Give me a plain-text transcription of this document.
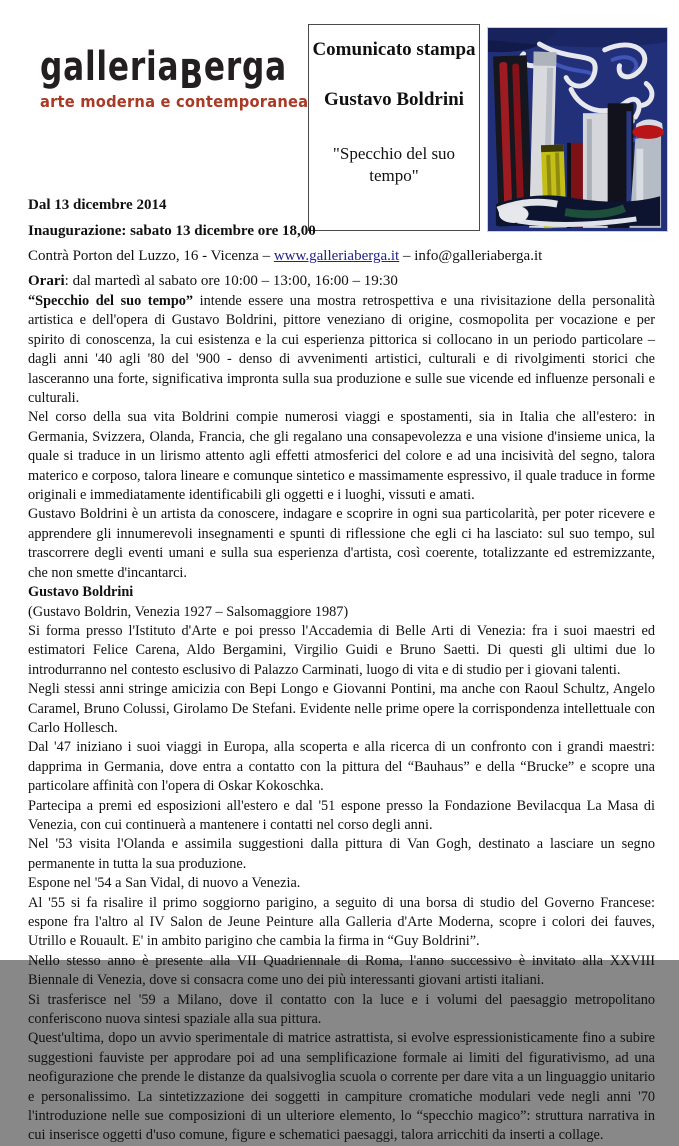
galleriaBerga
arte moderna e contemporanea
Comunicato stampa
Gustavo Boldrini
"Specchio del suo tempo"
Dal 13 dicembre 2014
Inaugurazione: sabato 13 dicembre ore 18,00
Contrà Porton del Luzzo, 16 - Vicenza – www.galleriaberga.it – info@galleriaberga.it
Orari: dal martedì al sabato ore 10:00 – 13:00, 16:00 – 19:30

“Specchio del suo tempo” intende essere una mostra retrospettiva e una rivisitazione della personalità artistica e dell'opera di Gustavo Boldrini, pittore veneziano di origine, cosmopolita per vocazione e per spirito di conoscenza, la cui esistenza e la cui esperienza pittorica si collocano in un periodo particolare – dagli anni '40 agli '80 del '900 - denso di avvenimenti artistici, culturali e di rivolgimenti storici che lasceranno una forte, significativa impronta sulla sua produzione e sulle sue vicende ed influenze personali e culturali.

Nel corso della sua vita Boldrini compie numerosi viaggi e spostamenti, sia in Italia che all'estero: in Germania, Svizzera, Olanda, Francia, che gli regalano una consapevolezza e una visione d'insieme unica, la quale si traduce in un lirismo attento agli effetti atmosferici del colore e ad una incisività del segno, talora materico e corposo, talora lineare e comunque sintetico e massimamente espressivo, il quale traduce in forme originali e immediatamente identificabili gli oggetti e i luoghi, vissuti e amati.

Gustavo Boldrini è un artista da conoscere, indagare e scoprire in ogni sua particolarità, per poter ricevere e apprendere gli innumerevoli insegnamenti e spunti di riflessione che egli ci ha lasciato: sul suo tempo, sul trascorrere degli eventi umani e sulla sua esperienza d'artista, così coerente, totalizzante ed estremizzante, che non smette d'incantarci.

Gustavo Boldrini

(Gustavo Boldrin, Venezia 1927 – Salsomaggiore 1987)

Si forma presso l'Istituto d'Arte e poi presso l'Accademia di Belle Arti di Venezia: fra i suoi maestri ed estimatori Felice Carena, Aldo Bergamini, Virgilio Guidi e Bruno Saetti. Di questi gli ultimi due lo introdurranno nel contesto esclusivo di Palazzo Carminati, luogo di vita e di studio per i giovani talenti.

Negli stessi anni stringe amicizia con Bepi Longo e Giovanni Pontini, ma anche con Raoul Schultz, Angelo Caramel, Bruno Colussi, Girolamo De Stefani. Evidente nelle prime opere la corrispondenza intellettuale con Carlo Hollesch.

Dal '47 iniziano i suoi viaggi in Europa, alla scoperta e alla ricerca di un confronto con i grandi maestri: dapprima in Germania, dove entra a contatto con la pittura del “Bauhaus” e della “Brucke” e scopre una particolare affinità con l'opera di Oskar Kokoschka.

Partecipa a premi ed esposizioni all'estero e dal '51 espone presso la Fondazione Bevilacqua La Masa di Venezia, con cui continuerà a mantenere i contatti nel corso degli anni.

Nel '53 visita l'Olanda e assimila suggestioni dalla pittura di Van Gogh, destinato a lasciare un segno permanente in tutta la sua produzione.

Espone nel '54 a San Vidal, di nuovo a Venezia.

Al '55 si fa risalire il primo soggiorno parigino, a seguito di una borsa di studio del Governo Francese: espone fra l'altro al IV Salon de Jeune Peinture alla Galleria d'Arte Moderna, scopre i colori dei fauves, Utrillo e Rouault. E' in ambito parigino che cambia la firma in “Guy Boldrini”.

Nello stesso anno è presente alla VII Quadriennale di Roma, l'anno successivo è invitato alla XXVIII Biennale di Venezia, dove si consacra come uno dei più interessanti giovani artisti italiani.

Si trasferisce nel '59 a Milano, dove il contatto con la luce e i volumi del paesaggio metropolitano conferiscono nuova sintesi spaziale alla sua pittura.

Quest'ultima, dopo un avvio sperimentale di matrice astrattista, si evolve espressionisticamente fino a subire suggestioni fauviste per approdare poi ad una semplificazione formale ai limiti del figurativismo, ad una neofigurazione che prende le distanze da qualsivoglia scuola o corrente per dare vita a un linguaggio unitario e personalissimo. La sintetizzazione dei soggetti in campiture cromatiche modulari vede negli anni '70 l'introduzione nelle sue composizioni di un ulteriore elemento, lo “specchio magico”: struttura narrativa in cui inserisce oggetti d'uso comune, figure e schematici paesaggi, talora arricchiti da inserti a collage.
